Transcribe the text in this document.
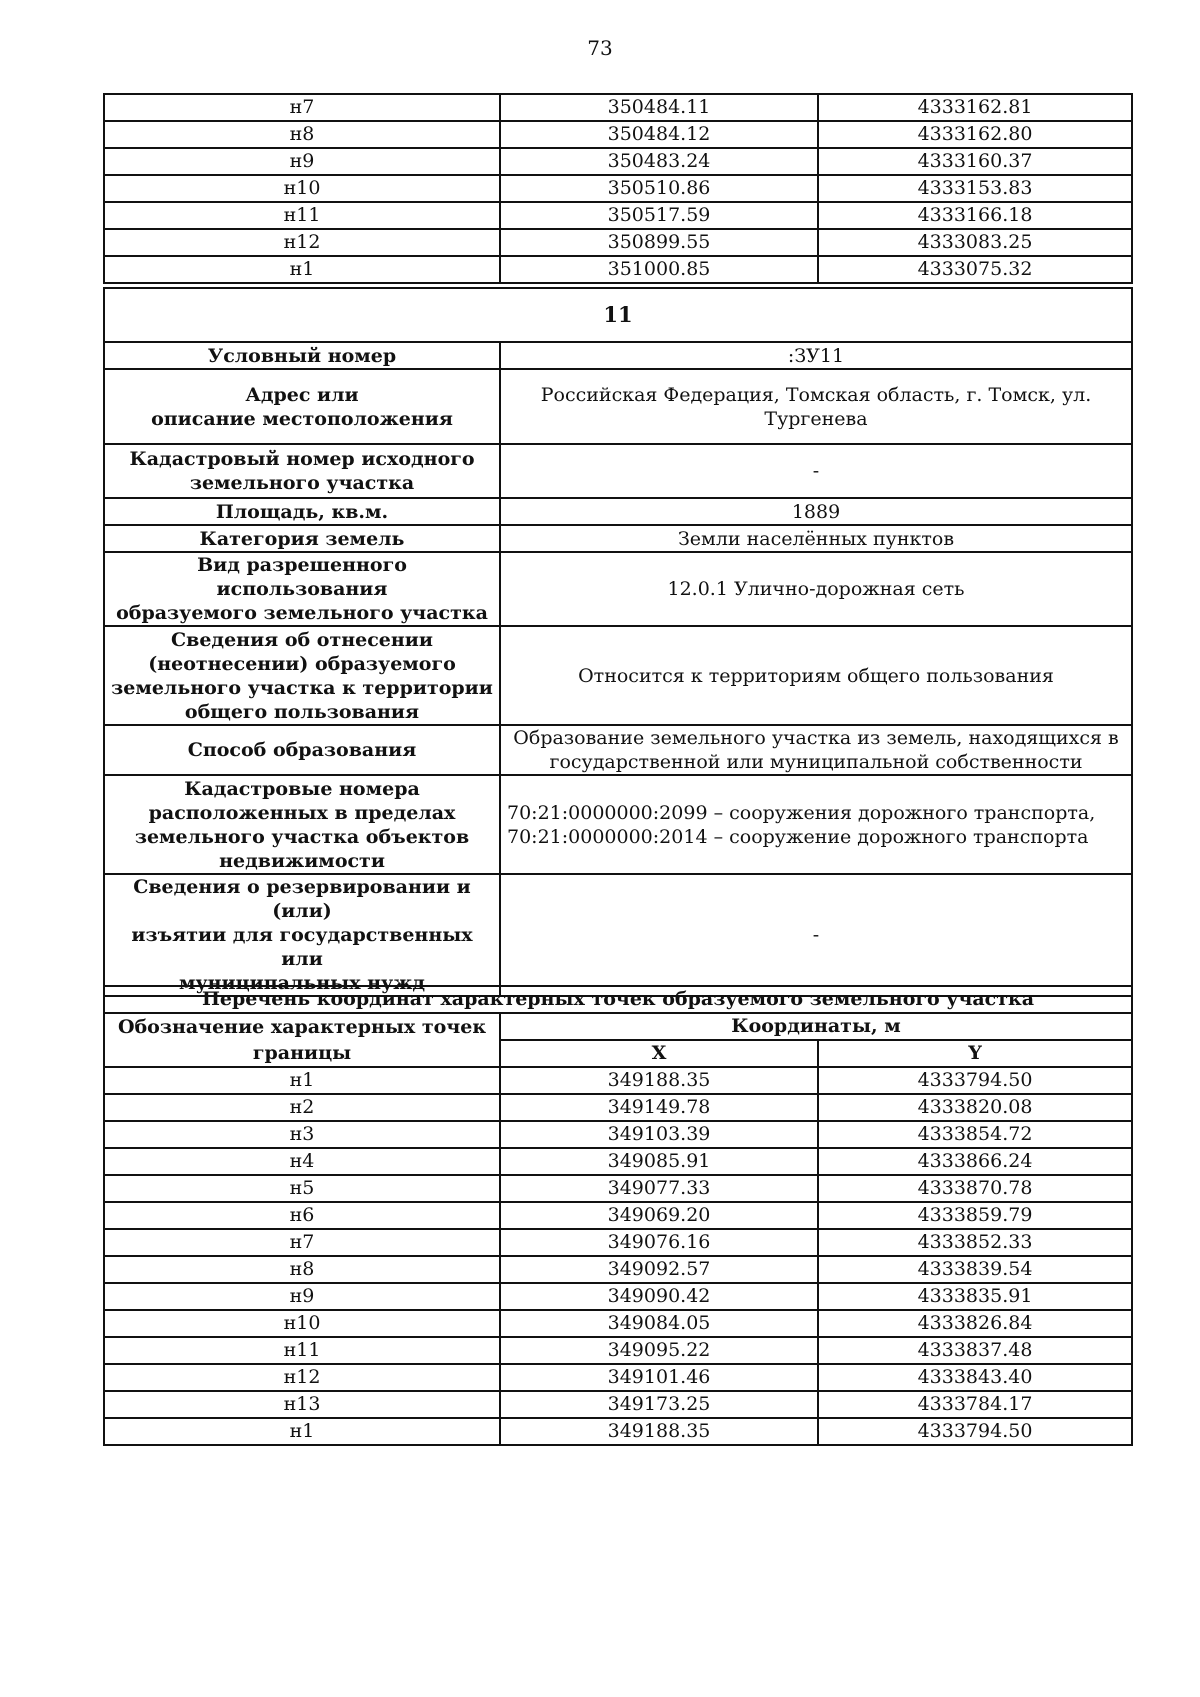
73
н7	350484.11	4333162.81
н8	350484.12	4333162.80
н9	350483.24	4333160.37
н10	350510.86	4333153.83
н11	350517.59	4333166.18
н12	350899.55	4333083.25
н1	351000.85	4333075.32
11	
Условный номер	:ЗУ11
Адрес или
описание местоположения	Российская Федерация, Томская область, г. Томск, ул.
Тургенева
Кадастровый номер исходного
земельного участка	-
Площадь, кв.м.	1889
Категория земель	Земли населённых пунктов
Вид разрешенного использования
образуемого земельного участка	12.0.1 Улично-дорожная сеть
Сведения об отнесении
(неотнесении) образуемого
земельного участка к территории
общего пользования	Относится к территориям общего пользования
Способ образования	Образование земельного участка из земель, находящихся в
государственной или муниципальной собственности
Кадастровые номера
расположенных в пределах
земельного участка объектов
недвижимости	70:21:0000000:2099 – сооружения дорожного транспорта,
70:21:0000000:2014 – сооружение дорожного транспорта
Сведения о резервировании и (или)
изъятии для государственных или
муниципальных нужд	-
Перечень координат характерных точек образуемого земельного участка		
Обозначение характерных точек
границы	Координаты, м	
	X	Y
н1	349188.35	4333794.50
н2	349149.78	4333820.08
н3	349103.39	4333854.72
н4	349085.91	4333866.24
н5	349077.33	4333870.78
н6	349069.20	4333859.79
н7	349076.16	4333852.33
н8	349092.57	4333839.54
н9	349090.42	4333835.91
н10	349084.05	4333826.84
н11	349095.22	4333837.48
н12	349101.46	4333843.40
н13	349173.25	4333784.17
н1	349188.35	4333794.50
